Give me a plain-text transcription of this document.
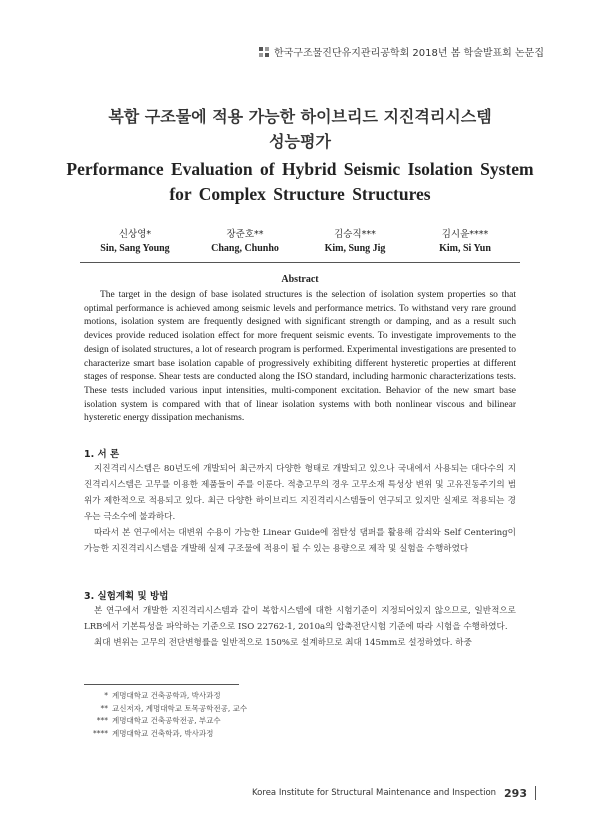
한국구조물진단유지관리공학회 2018년 봄 학술발표회 논문집
복합 구조물에 적용 가능한 하이브리드 지진격리시스템
성능평가
Performance Evaluation of Hybrid Seismic Isolation System
for Complex Structure Structures
신상영*
Sin, Sang Young
장준호**
Chang, Chunho
김승직***
Kim, Sung Jig
김시윤****
Kim, Si Yun
Abstract

The target in the design of base isolated structures is the selection of isolation system properties so that optimal performance is achieved among seismic levels and performance metrics. To withstand very rare ground motions, isolation system are frequently designed with significant strength or damping, and as a result such devices provide reduced isolation effect for more frequent seismic events. To investigate improvements to the design of isolated structures, a lot of research program is performed. Experimental investigations are presented to characterize smart base isolation capable of progressively exhibiting different hysteretic properties at different stages of response. Shear tests are conducted along the ISO standard, including harmonic characterizations tests. These tests included various input intensities, multi-component excitation. Behavior of the new smart base isolation system is compared with that of linear isolation systems with both nonlinear viscous and bilinear hysteretic energy dissipation mechanisms.

1. 서 론

지진격리시스템은 80년도에 개발되어 최근까지 다양한 형태로 개발되고 있으나 국내에서 사용되는 대다수의 지진격리시스템은 고무를 이용한 제품들이 주를 이룬다. 적층고무의 경우 고무소재 특성상 변위 및 고유진동주기의 범위가 제한적으로 적용되고 있다. 최근 다양한 하이브리드 지진격리시스템들이 연구되고 있지만 실제로 적용되는 경우는 극소수에 불과하다.

따라서 본 연구에서는 대변위 수용이 가능한 Linear Guide에 점탄성 댐퍼를 활용해 감쇠와 Self Centering이 가능한 지진격리시스템을 개발해 실제 구조물에 적용이 될 수 있는 용량으로 제작 및 실험을 수행하였다

3. 실험계획 및 방법

본 연구에서 개발한 지진격리시스템과 같이 복합시스템에 대한 시험기준이 지정되어있지 않으므로, 일반적으로 LRB에서 기본특성을 파악하는 기준으로 ISO 22762-1, 2010a의 압축전단시험 기준에 따라 시험을 수행하였다.

최대 변위는 고무의 전단변형률을 일반적으로 150%로 설계하므로 최대 145mm로 설정하였다. 하중

* 계명대학교 건축공학과, 박사과정
** 교신저자, 계명대학교 토목공학전공, 교수
*** 계명대학교 건축공학전공, 부교수
**** 계명대학교 건축학과, 박사과정
Korea Institute for Structural Maintenance and Inspection 293
